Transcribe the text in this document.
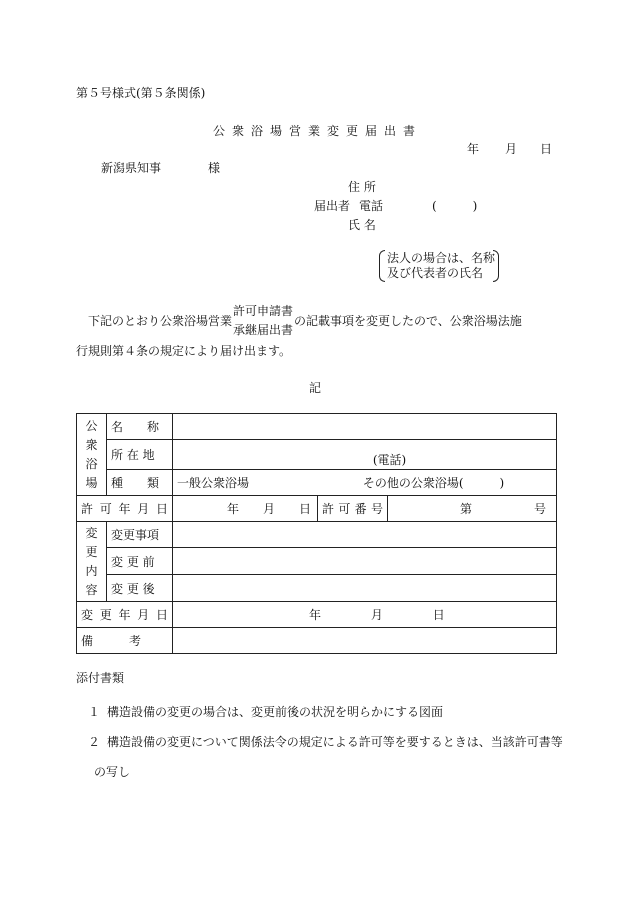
第５号様式(第５条関係)
公衆浴場営業変更届出書
年 月 日
新潟県知事	様
住 所
届出者 電話	(　　　)
氏 名
法人の場合は、名称
及び代表者の氏名
下記のとおり公衆浴場営業
許可申請書
承継届出書
の記載事項を変更したので、公衆浴場法施
行規則第４条の規定により届け出ます。
記
公衆浴場	名　　称			
	所 在 地	(電話)		

	種　　類	一般公衆浴場 その他の公衆浴場(　　　)		

許 可 年 月 日		年　　月　　日	許 可 番 号	第 号

変更内容	変更事項			
	変 更 前			
	変 更 後			

変 更 年 月 日		年 月 日		
備　　　考				
添付書類
１ 構造設備の変更の場合は、変更前後の状況を明らかにする図面
２ 構造設備の変更について関係法令の規定による許可等を要するときは、当該許可書等
の写し
